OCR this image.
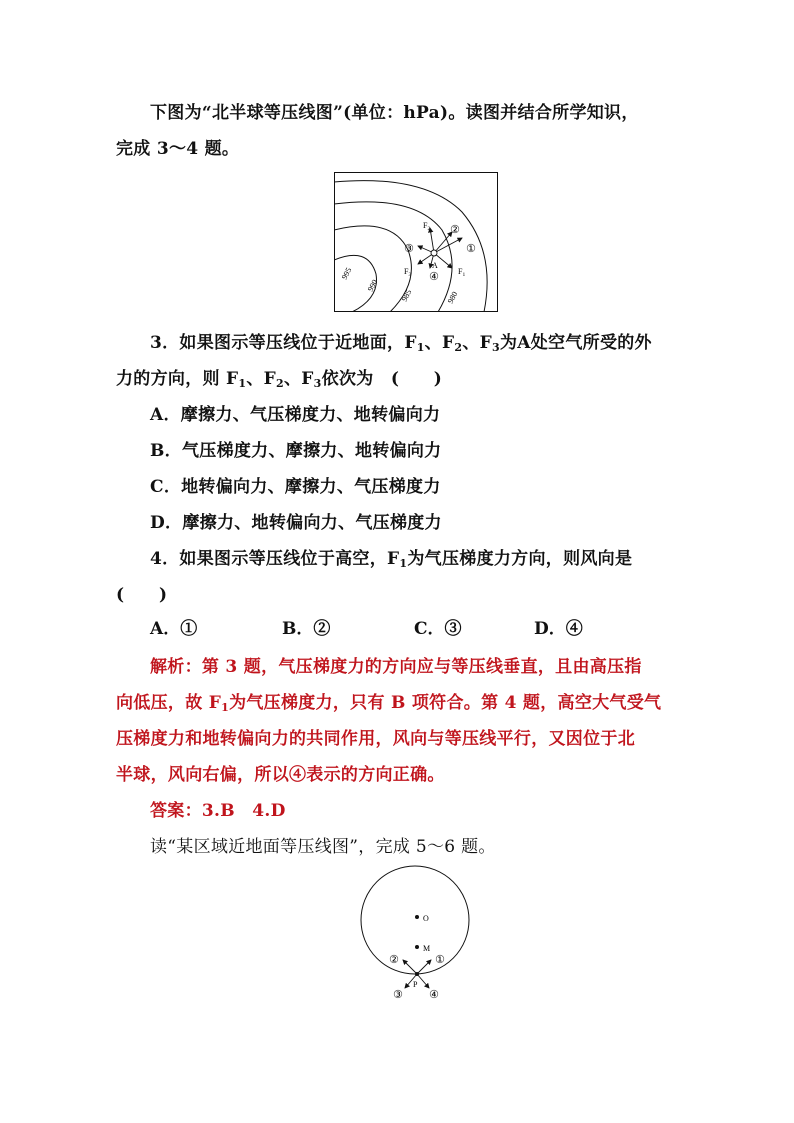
下图为“北半球等压线图”(单位：hPa)。读图并结合所学知识，
完成 3～4 题。
995
990
985	980
A
$F_2$
$F_1$
$F_3$
①
②
③
④
3．如果图示等压线位于近地面，$F_1$、$F_2$、$F_3$为A处空气所受的外
力的方向，则 $F_1$、$F_2$、$F_3$依次为　(　　)
A．摩擦力、气压梯度力、地转偏向力
B．气压梯度力、摩擦力、地转偏向力
C．地转偏向力、摩擦力、气压梯度力
D．摩擦力、地转偏向力、气压梯度力
4．如果图示等压线位于高空，$F_1$为气压梯度力方向，则风向是
(　　)
A．①	B．②	C．③	D．④
解析：第 3 题，气压梯度力的方向应与等压线垂直，且由高压指
向低压，故 $F_1$为气压梯度力，只有 B 项符合。第 4 题，高空大气受气
压梯度力和地转偏向力的共同作用，风向与等压线平行，又因位于北
半球，风向右偏，所以④表示的方向正确。
答案：3.B　4.D
读“某区域近地面等压线图”，完成 5～6 题。
O
M
P
①
②
③ ④
